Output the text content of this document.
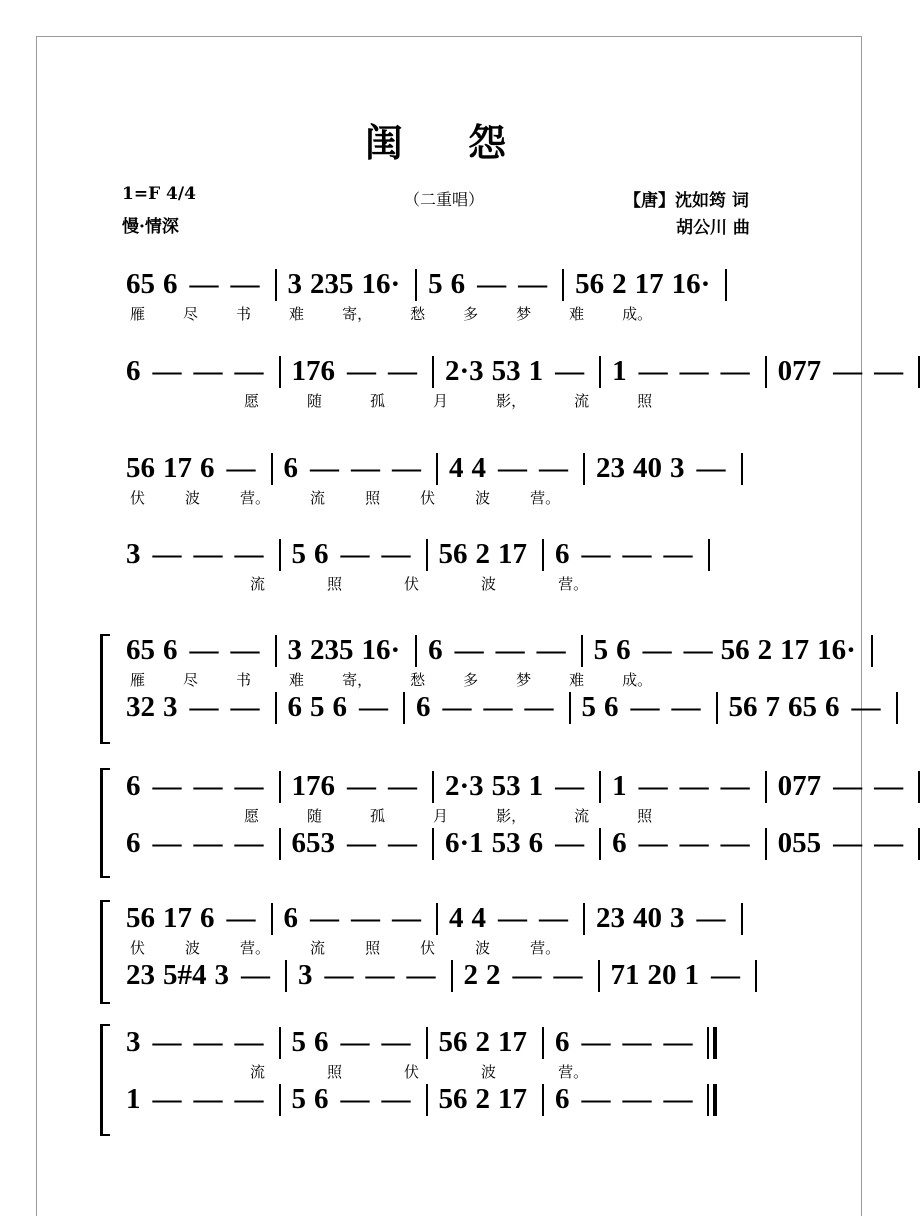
闺 怨
1=F 4/4
慢·情深
（二重唱）	【唐】沈如筠 词
胡公川 曲
65 6 — — 3 235 16· 5 6 — — 56 2 17 16·
雁	尽	书	难	寄，	愁	多	梦	难	成。
6 — — — 176 — — 2·3 53 1 — 1 — — — 077 — —
愿	随	孤	月	影，	流	照
56 17 6 — 6 — — — 4 4 — — 23 40 3 —
伏	波	营。	流	照	伏	波	营。
3 — — — 5 6 — — 56 2 17 6 — — —
流	照	伏	波	营。
65 6 — — 3 235 16· 6 — — — 5 6 — — 56 2 17 16·
雁	尽	书	难	寄，	愁	多	梦	难	成。
32 3 — — 6 5 6 — 6 — — — 5 6 — — 56 7 65 6 —
6 — — — 176 — — 2·3 53 1 — 1 — — — 077 — —
愿	随	孤	月	影，	流	照
6 — — — 653 — — 6·1 53 6 — 6 — — — 055 — —
56 17 6 — 6 — — — 4 4 — — 23 40 3 —
伏	波	营。	流	照	伏	波	营。
23 5#4 3 — 3 — — — 2 2 — — 71 20 1 —
3 — — — 5 6 — — 56 2 17 6 — — —
流	照	伏	波	营。
1 — — — 5 6 — — 56 2 17 6 — — —
